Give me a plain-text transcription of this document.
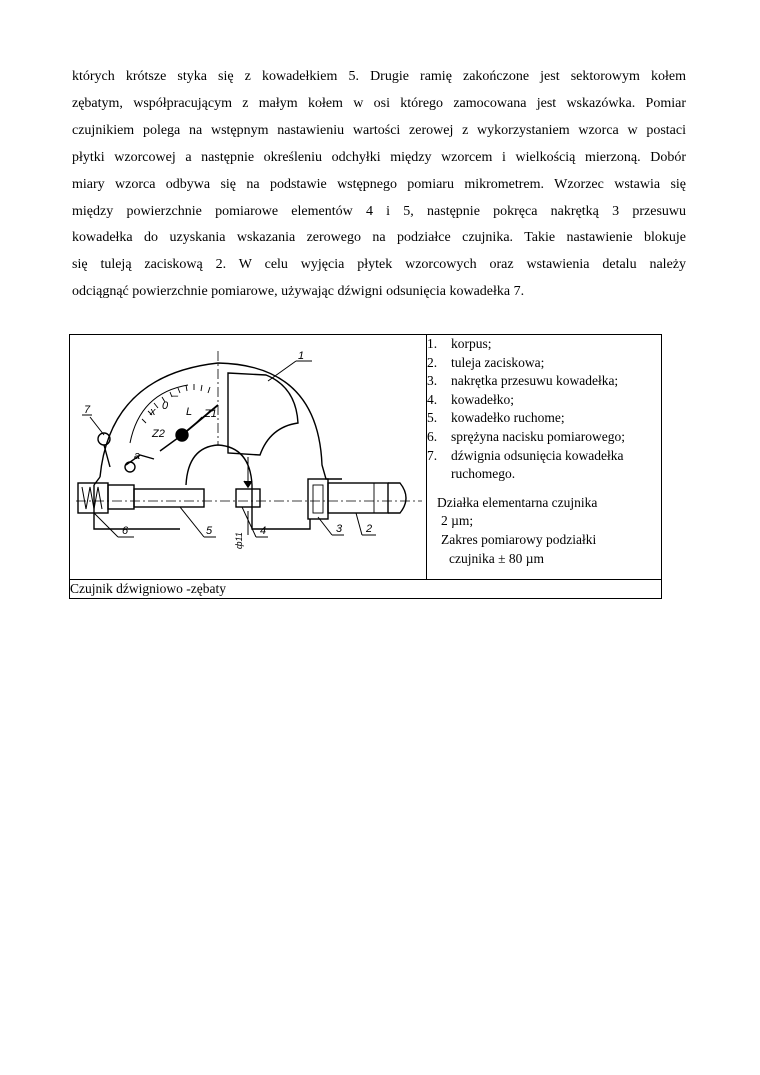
których krótsze styka się z kowadełkiem 5. Drugie ramię zakończone jest sektorowym kołem
zębatym, współpracującym z małym kołem w osi którego zamocowana jest wskazówka. Pomiar
czujnikiem polega na wstępnym nastawieniu wartości zerowej z wykorzystaniem wzorca w postaci
płytki wzorcowej a następnie określeniu odchyłki między wzorcem i wielkością mierzoną. Dobór
miary wzorca odbywa się na podstawie wstępnego pomiaru mikrometrem. Wzorzec wstawia się
między powierzchnie pomiarowe elementów 4 i 5, następnie pokręca nakrętką 3 przesuwu
kowadełka do uzyskania wskazania zerowego na podziałce czujnika. Takie nastawienie blokuje
się tuleją zaciskową 2. W celu wyjęcia płytek wzorcowych oraz wstawienia detalu należy
odciągnąć powierzchnie pomiarowe, używając dźwigni odsunięcia kowadełka 7.
1
7
6	5	4	3 2
x 0
–
L Z1
Z2
a
ф11

1.	korpus;
2.	tuleja zaciskowa;
3.	nakrętka przesuwu kowadełka;
4.	kowadełko;
5.	kowadełko ruchome;
6.	sprężyna nacisku pomiarowego;
7.	dźwignia odsunięcia kowadełka ruchomego.
Działka elementarna czujnika
2 µm;
Zakres pomiarowy podziałki
czujnika ± 80 µm

Czujnik dźwigniowo -zębaty
